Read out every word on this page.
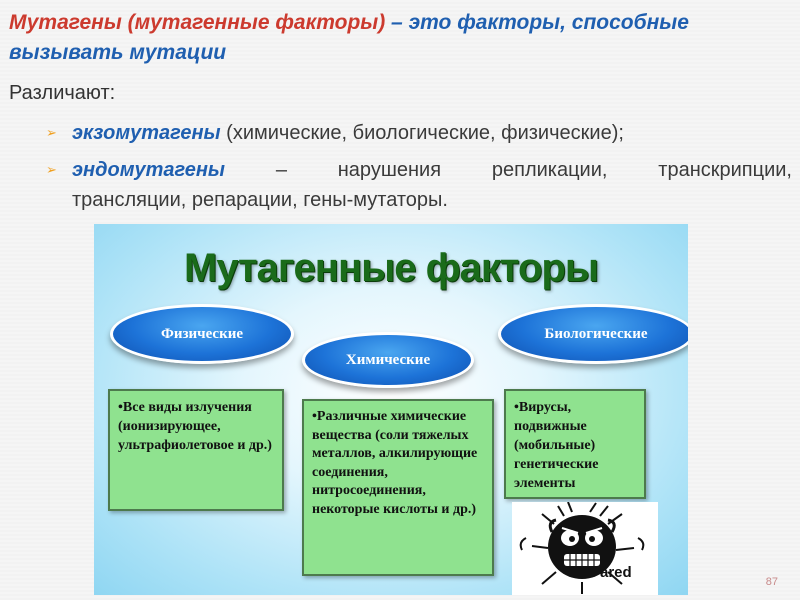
Мутагены (мутагенные факторы) – это факторы, способные вызывать мутации
Различают:
➢ экзомутагены (химические, биологические, физические);
➢ эндомутагены	–	нарушения	репликации,	транскрипции,
трансляции, репарации, гены-мутаторы.
Мутагенные факторы
Физические
Химические
Биологические
•Все виды излучения (ионизирующее, ультрафиолетовое и др.)
•Различные химические вещества (соли тяжелых металлов, алкилирующие соединения, нитросоединения, некоторые кислоты и др.)
•Вирусы, подвижные (мобильные) генетические элементы
ared
87
